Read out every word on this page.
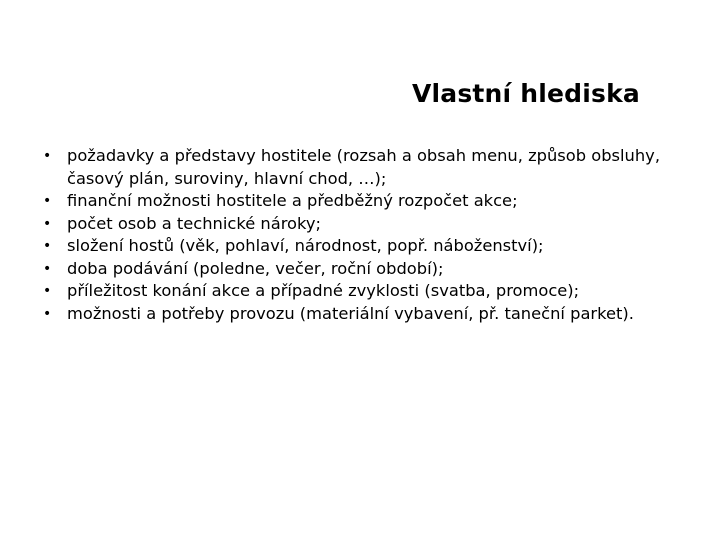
Vlastní hlediska
• požadavky a představy hostitele (rozsah a obsah menu, způsob obsluhy, časový plán, suroviny, hlavní chod, …);
• finanční možnosti hostitele a předběžný rozpočet akce;
• počet osob a technické nároky;
• složení hostů (věk, pohlaví, národnost, popř. náboženství);
• doba podávání (poledne, večer, roční období);
• příležitost konání akce a případné zvyklosti (svatba, promoce);
• možnosti a potřeby provozu (materiální vybavení, př. taneční parket).
